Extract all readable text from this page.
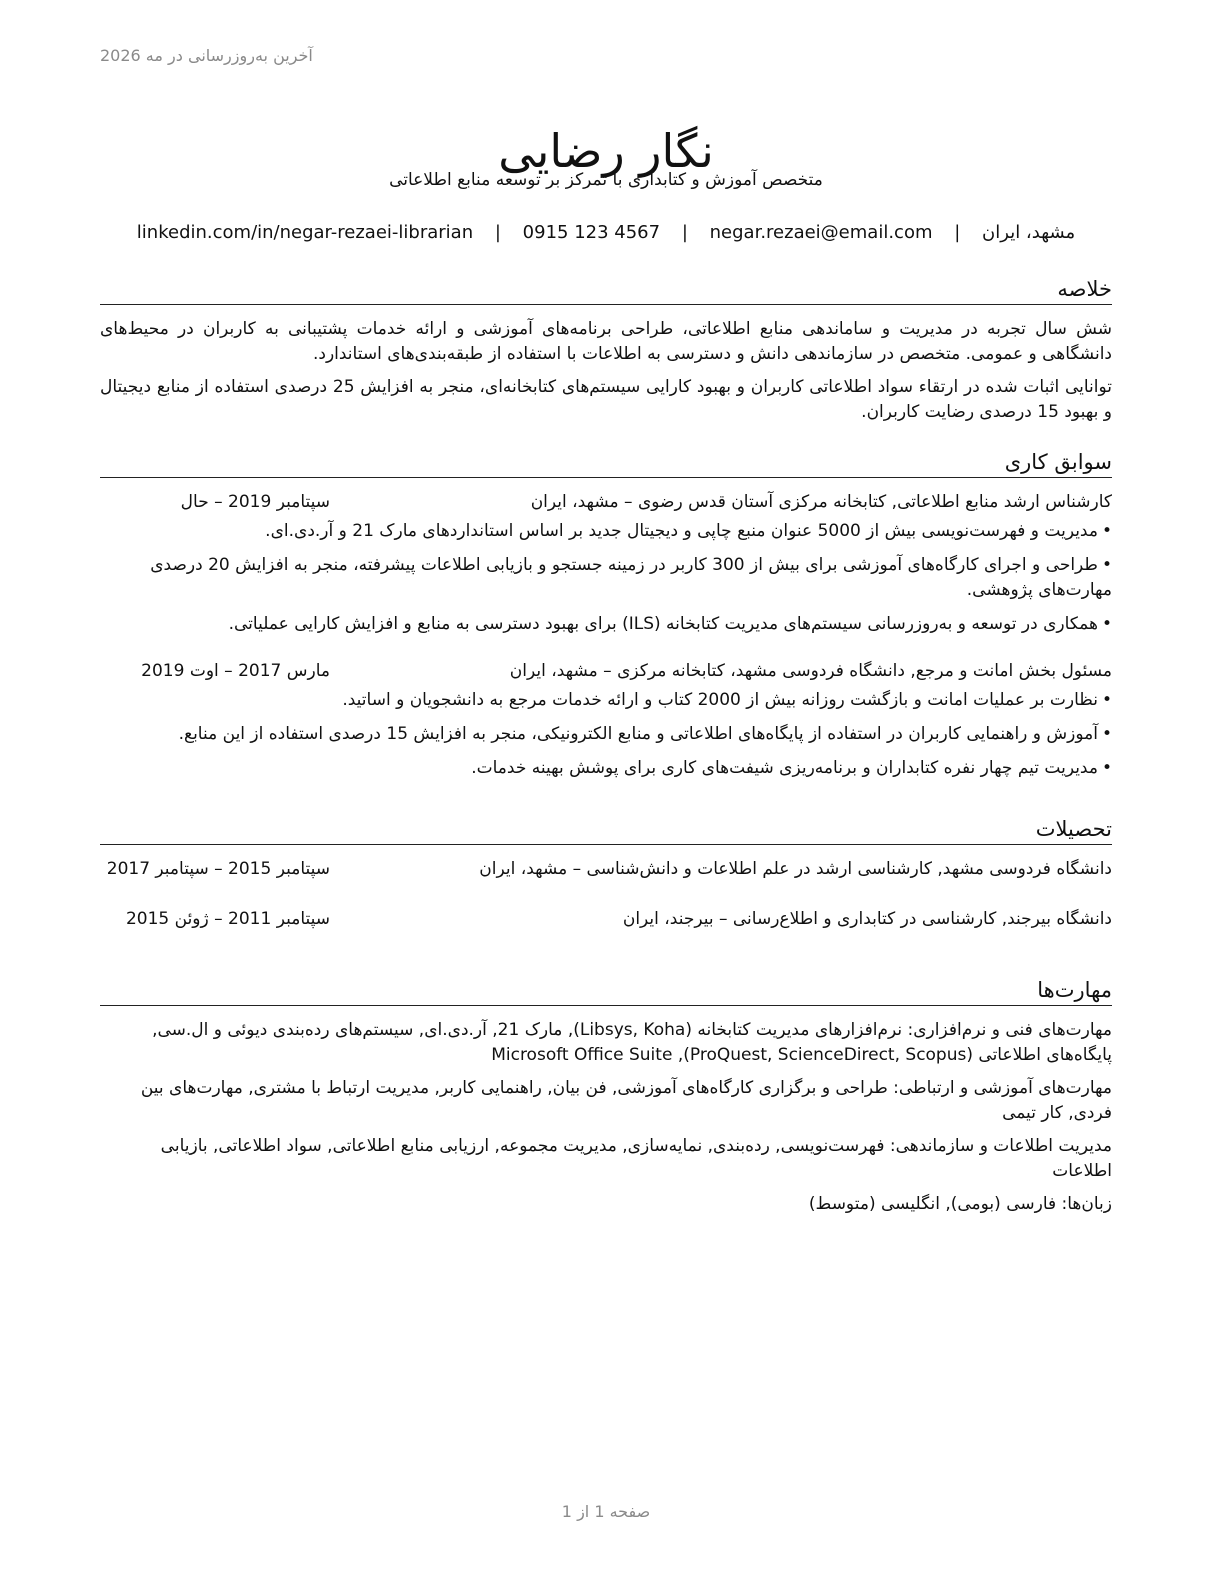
آخرین به‌روزرسانی در مه 2026
نگار رضایی
متخصص آموزش و کتابداری با تمرکز بر توسعه منابع اطلاعاتی
مشهد، ایران | negar.rezaei@email.com | 0915 123 4567 | linkedin.com/in/negar-rezaei-librarian
خلاصه

شش سال تجربه در مدیریت و ساماندهی منابع اطلاعاتی، طراحی برنامه‌های آموزشی و ارائه خدمات پشتیبانی به کاربران در محیط‌های دانشگاهی و عمومی. متخصص در سازماندهی دانش و دسترسی به اطلاعات با استفاده از طبقه‌بندی‌های استاندارد.

توانایی اثبات شده در ارتقاء سواد اطلاعاتی کاربران و بهبود کارایی سیستم‌های کتابخانه‌ای، منجر به افزایش 25 درصدی استفاده از منابع دیجیتال و بهبود 15 درصدی رضایت کاربران.

سوابق کاری
کارشناس ارشد منابع اطلاعاتی, کتابخانه مرکزی آستان قدس رضوی – مشهد، ایران
سپتامبر 2019 – حال
•مدیریت و فهرست‌نویسی بیش از 5000 عنوان منبع چاپی و دیجیتال جدید بر اساس استانداردهای مارک 21 و آر.دی.ای.
•طراحی و اجرای کارگاه‌های آموزشی برای بیش از 300 کاربر در زمینه جستجو و بازیابی اطلاعات پیشرفته، منجر به افزایش 20 درصدی مهارت‌های پژوهشی.
•همکاری در توسعه و به‌روزرسانی سیستم‌های مدیریت کتابخانه (ILS) برای بهبود دسترسی به منابع و افزایش کارایی عملیاتی.
مسئول بخش امانت و مرجع, دانشگاه فردوسی مشهد، کتابخانه مرکزی – مشهد، ایران
مارس 2017 – اوت 2019
•نظارت بر عملیات امانت و بازگشت روزانه بیش از 2000 کتاب و ارائه خدمات مرجع به دانشجویان و اساتید.
•آموزش و راهنمایی کاربران در استفاده از پایگاه‌های اطلاعاتی و منابع الکترونیکی، منجر به افزایش 15 درصدی استفاده از این منابع.
•مدیریت تیم چهار نفره کتابداران و برنامه‌ریزی شیفت‌های کاری برای پوشش بهینه خدمات.
تحصیلات
دانشگاه فردوسی مشهد, کارشناسی ارشد در علم اطلاعات و دانش‌شناسی – مشهد، ایران
سپتامبر 2015 – سپتامبر 2017
دانشگاه بیرجند, کارشناسی در کتابداری و اطلاع‌رسانی – بیرجند، ایران
سپتامبر 2011 – ژوئن 2015
مهارت‌ها

مهارت‌های فنی و نرم‌افزاری: نرم‌افزارهای مدیریت کتابخانه (Libsys, Koha), مارک 21, آر.دی.ای, سیستم‌های رده‌بندی دیوئی و ال.سی, پایگاه‌های اطلاعاتی (ProQuest, ScienceDirect, Scopus), Microsoft Office Suite

مهارت‌های آموزشی و ارتباطی: طراحی و برگزاری کارگاه‌های آموزشی, فن بیان, راهنمایی کاربر, مدیریت ارتباط با مشتری, مهارت‌های بین فردی, کار تیمی

مدیریت اطلاعات و سازماندهی: فهرست‌نویسی, رده‌بندی, نمایه‌سازی, مدیریت مجموعه, ارزیابی منابع اطلاعاتی, سواد اطلاعاتی, بازیابی اطلاعات

زبان‌ها: فارسی (بومی), انگلیسی (متوسط)

صفحه 1 از 1
